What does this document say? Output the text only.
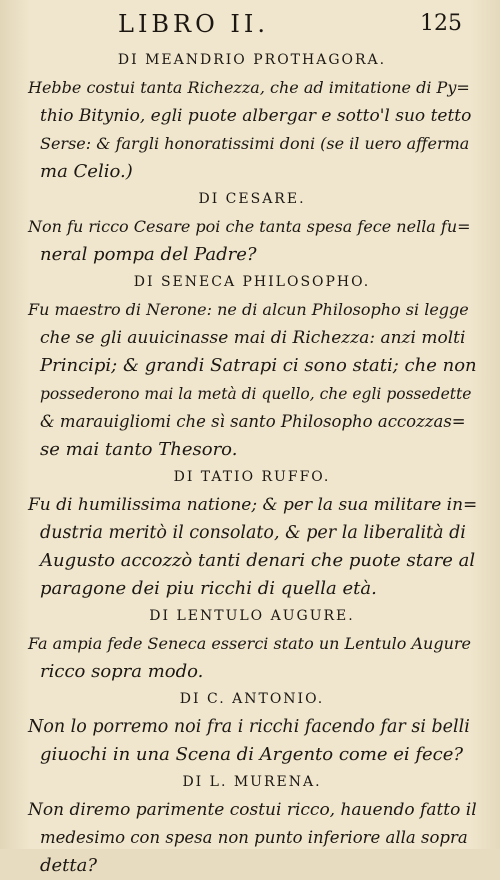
LIBRO II.	125
DI MEANDRIO PROTHAGORA.
Hebbe costui tanta Richezza, che ad imitatione di Py=
thio Bitynio, egli puote albergar e sotto'l suo tetto
Serse: & fargli honoratissimi doni (se il uero afferma
ma Celio.)
DI CESARE.
Non fu ricco Cesare poi che tanta spesa fece nella fu=
neral pompa del Padre?
DI SENECA PHILOSOPHO.
Fu maestro di Nerone: ne di alcun Philosopho si legge
che se gli auuicinasse mai di Richezza: anzi molti
Principi; & grandi Satrapi ci sono stati; che non
possederono mai la metà di quello, che egli possedette
& marauigliomi che sì santo Philosopho accozzas=
se mai tanto Thesoro.
DI TATIO RUFFO.
Fu di humilissima natione; & per la sua militare in=
dustria meritò il consolato, & per la liberalità di
Augusto accozzò tanti denari che puote stare al
paragone dei piu ricchi di quella età.
DI LENTULO AUGURE.
Fa ampia fede Seneca esserci stato un Lentulo Augure
ricco sopra modo.
DI C. ANTONIO.
Non lo porremo noi fra i ricchi facendo far si belli
giuochi in una Scena di Argento come ei fece?
DI L. MURENA.
Non diremo parimente costui ricco, hauendo fatto il
medesimo con spesa non punto inferiore alla sopra
detta?
